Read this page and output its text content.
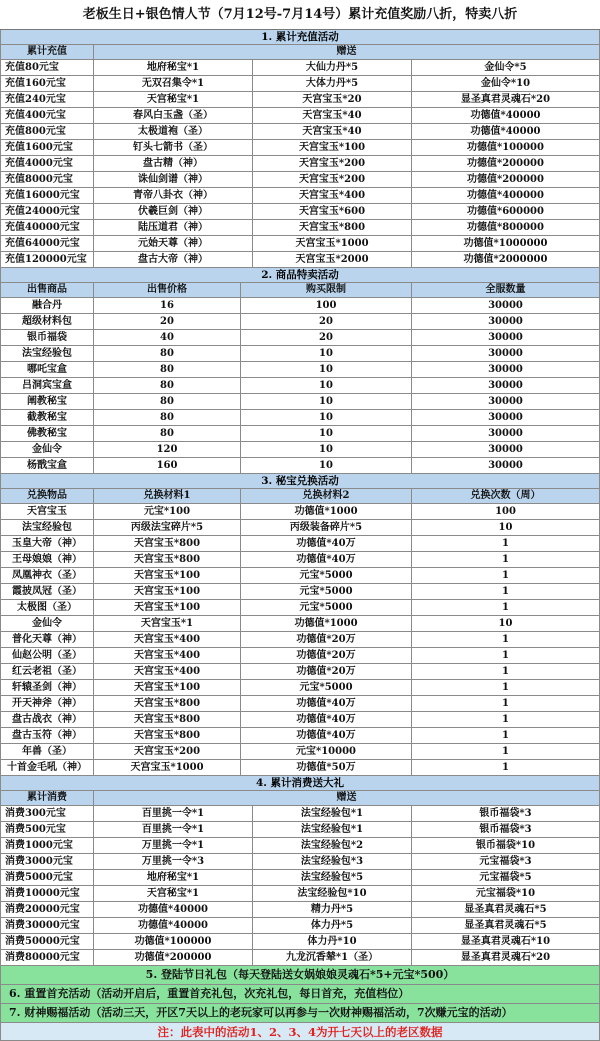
老板生日+银色情人节（7月12号-7月14号）累计充值奖励八折，特卖八折
1. 累计充值活动
累计充值	赠送
充值80元宝	地府秘宝*1	大仙力丹*5	金仙令*5
充值160元宝	无双召集令*1	大体力丹*5	金仙令*10
充值240元宝	天宫秘宝*1	天宫宝玉*20	显圣真君灵魂石*20
充值400元宝	春风白玉盏（圣）	天宫宝玉*40	功德值*40000
充值800元宝	太极道袍（圣）	天宫宝玉*40	功德值*40000
充值1600元宝	钉头七箭书（圣）	天宫宝玉*100	功德值*100000
充值4000元宝	盘古精（神）	天宫宝玉*200	功德值*200000
充值8000元宝	诛仙剑谱（神）	天宫宝玉*200	功德值*200000
充值16000元宝	青帝八卦衣（神）	天宫宝玉*400	功德值*400000
充值24000元宝	伏羲巨剑（神）	天宫宝玉*600	功德值*600000
充值40000元宝	陆压道君（神）	天宫宝玉*800	功德值*800000
充值64000元宝	元始天尊（神）	天宫宝玉*1000	功德值*1000000
充值120000元宝	盘古大帝（神）	天宫宝玉*2000	功德值*2000000
2. 商品特卖活动
出售商品	出售价格	购买限制	全服数量
融合丹	16	100	30000
超级材料包	20	20	30000
银币福袋	40	20	30000
法宝经验包	80	10	30000
哪吒宝盒	80	10	30000
吕洞宾宝盒	80	10	30000
阐教秘宝	80	10	30000
截教秘宝	80	10	30000
佛教秘宝	80	10	30000
金仙令	120	10	30000
杨戬宝盒	160	10	30000
3. 秘宝兑换活动
兑换物品	兑换材料1	兑换材料2	兑换次数（周）
天宫宝玉	元宝*100	功德值*1000	100
法宝经验包	丙级法宝碎片*5	丙级装备碎片*5	10
玉皇大帝（神）	天宫宝玉*800	功德值*40万	1
王母娘娘（神）	天宫宝玉*800	功德值*40万	1
凤凰神衣（圣）	天宫宝玉*100	元宝*5000	1
霞披凤冠（圣）	天宫宝玉*100	元宝*5000	1
太极图（圣）	天宫宝玉*100	元宝*5000	1
金仙令	天宫宝玉*1	功德值*1000	10
普化天尊（神）	天宫宝玉*400	功德值*20万	1
仙赵公明（圣）	天宫宝玉*400	功德值*20万	1
红云老祖（圣）	天宫宝玉*400	功德值*20万	1
轩辕圣剑（神）	天宫宝玉*100	元宝*5000	1
开天神斧（神）	天宫宝玉*800	功德值*40万	1
盘古战衣（神）	天宫宝玉*800	功德值*40万	1
盘古玉符（神）	天宫宝玉*800	功德值*40万	1
年兽（圣）	天宫宝玉*200	元宝*10000	1
十首金毛吼（神）	天宫宝玉*1000	功德值*50万	1
4. 累计消费送大礼
累计消费	赠送
消费300元宝	百里挑一令*1	法宝经验包*1	银币福袋*3
消费500元宝	百里挑一令*1	法宝经验包*1	银币福袋*3
消费1000元宝	万里挑一令*1	法宝经验包*2	银币福袋*10
消费3000元宝	万里挑一令*3	法宝经验包*3	元宝福袋*3
消费5000元宝	地府秘宝*1	法宝经验包*5	元宝福袋*5
消费10000元宝	天宫秘宝*1	法宝经验包*10	元宝福袋*10
消费20000元宝	功德值*40000	精力丹*5	显圣真君灵魂石*5
消费30000元宝	功德值*40000	体力丹*5	显圣真君灵魂石*5
消费50000元宝	功德值*100000	体力丹*10	显圣真君灵魂石*10
消费80000元宝	功德值*200000	九龙沉香辇*1（圣）	显圣真君灵魂石*20
5. 登陆节日礼包（每天登陆送女娲娘娘灵魂石*5+元宝*500）
6. 重置首充活动（活动开启后，重置首充礼包，次充礼包，每日首充，充值档位）
7. 财神赐福活动（活动三天，开区7天以上的老玩家可以再参与一次财神赐福活动，7次赚元宝的活动）
注：此表中的活动1、2、3、4为开七天以上的老区数据
